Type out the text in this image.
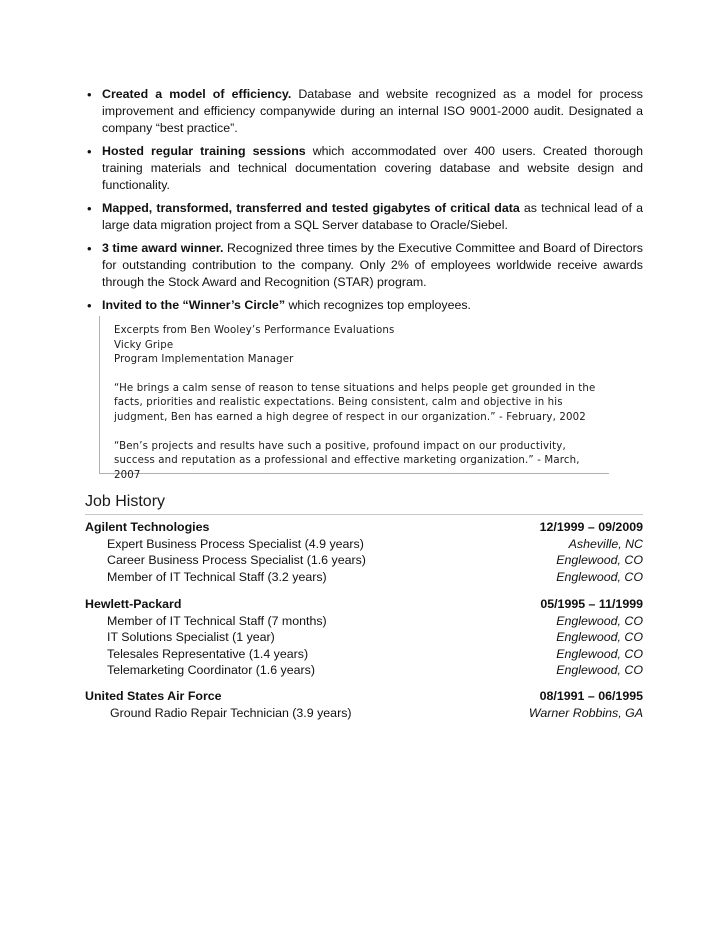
• Created a model of efficiency. Database and website recognized as a model for process improvement and efficiency companywide during an internal ISO 9001-2000 audit. Designated a company “best practice”.
• Hosted regular training sessions which accommodated over 400 users. Created thorough training materials and technical documentation covering database and website design and functionality.
• Mapped, transformed, transferred and tested gigabytes of critical data as technical lead of a large data migration project from a SQL Server database to Oracle/Siebel.
• 3 time award winner. Recognized three times by the Executive Committee and Board of Directors for outstanding contribution to the company. Only 2% of employees worldwide receive awards through the Stock Award and Recognition (STAR) program.
• Invited to the “Winner’s Circle” which recognizes top employees.
Excerpts from Ben Wooley’s Performance Evaluations
Vicky Gripe
Program Implementation Manager
“He brings a calm sense of reason to tense situations and helps people get grounded in the facts, priorities and realistic expectations. Being consistent, calm and objective in his judgment, Ben has earned a high degree of respect in our organization.” - February, 2002
“Ben’s projects and results have such a positive, profound impact on our productivity, success and reputation as a professional and effective marketing organization.” - March, 2007
Job History
Agilent Technologies	12/1999 – 09/2009
Expert Business Process Specialist (4.9 years)	Asheville, NC
Career Business Process Specialist (1.6 years)	Englewood, CO
Member of IT Technical Staff (3.2 years)	Englewood, CO
Hewlett-Packard	05/1995 – 11/1999
Member of IT Technical Staff (7 months)	Englewood, CO
IT Solutions Specialist (1 year)	Englewood, CO
Telesales Representative (1.4 years)	Englewood, CO
Telemarketing Coordinator (1.6 years)	Englewood, CO
United States Air Force	08/1991 – 06/1995
Ground Radio Repair Technician (3.9 years)	Warner Robbins, GA
